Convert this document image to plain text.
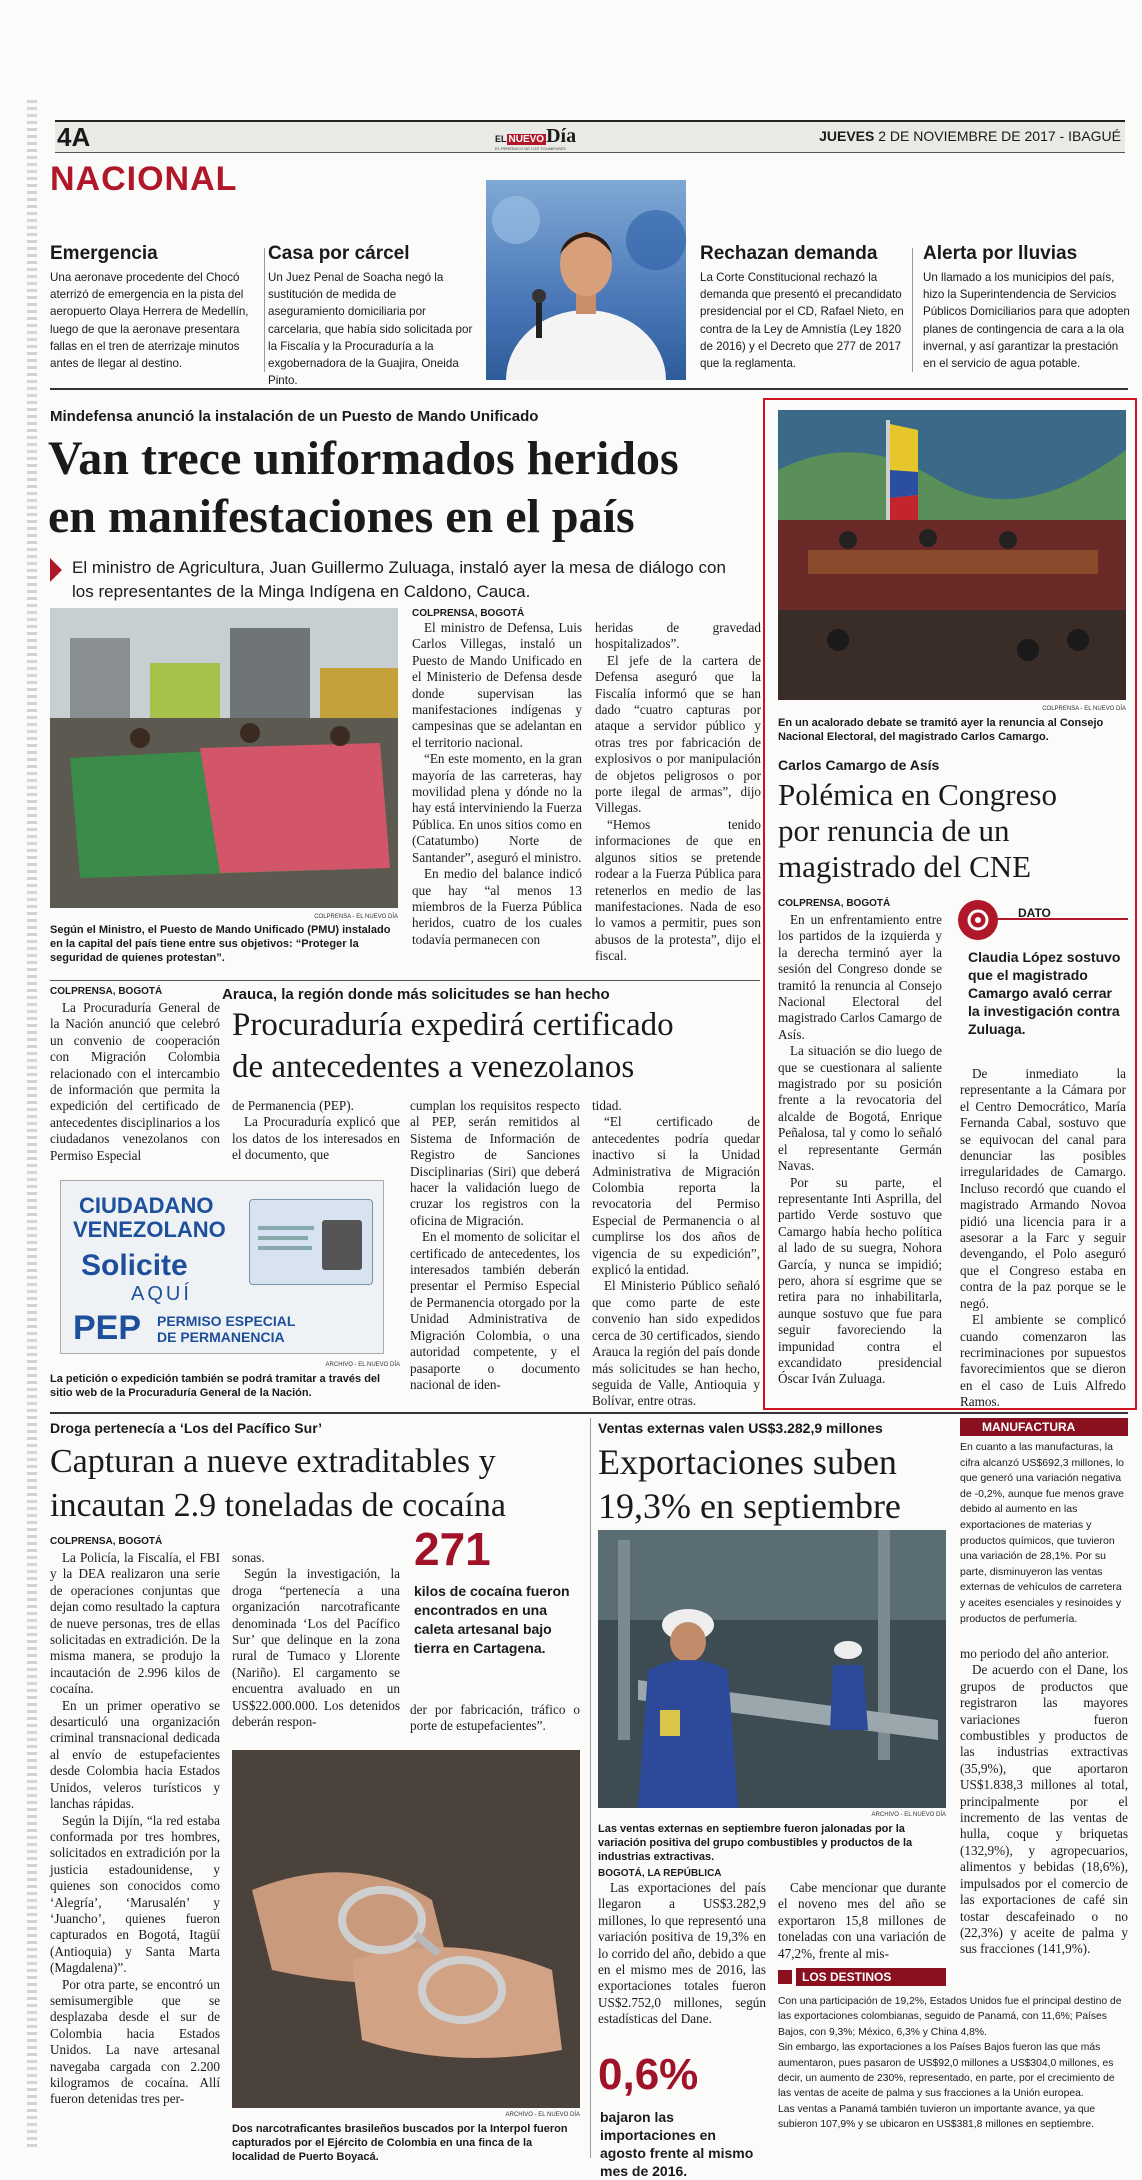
4A	EL NUEVO Día
EL PERIÓDICO DE LOS TOLIMENSES
JUEVES 2 DE NOVIEMBRE DE 2017 - IBAGUÉ
NACIONAL
Emergencia

Una aeronave procedente del Chocó aterrizó de emergencia en la pista del aeropuerto Olaya Herrera de Medellín, luego de que la aeronave presentara fallas en el tren de aterrizaje minutos antes de llegar al destino.

Casa por cárcel

Un Juez Penal de Soacha negó la sustitución de medida de aseguramiento domiciliaria por carcelaria, que había sido solicitada por la Fiscalía y la Procuraduría a la exgobernadora de la Guajira, Oneida Pinto.

Rechazan demanda

La Corte Constitucional rechazó la demanda que presentó el precandidato presidencial por el CD, Rafael Nieto, en contra de la Ley de Amnistía (Ley 1820 de 2016) y el Decreto que 277 de 2017 que la reglamenta.

Alerta por lluvias

Un llamado a los municipios del país, hizo la Superintendencia de Servicios Públicos Domiciliarios para que adopten planes de contingencia de cara a la ola invernal, y así garantizar la prestación en el servicio de agua potable.

Mindefensa anunció la instalación de un Puesto de Mando Unificado
Van trece uniformados heridos
en manifestaciones en el país
El ministro de Agricultura, Juan Guillermo Zuluaga, instaló ayer la mesa de diálogo con los representantes de la Minga Indígena en Caldono, Cauca.
COLPRENSA - EL NUEVO DÍA
Según el Ministro, el Puesto de Mando Unificado (PMU) instalado en la capital del país tiene entre sus objetivos: “Proteger la seguridad de quienes protestan”.
COLPRENSA, BOGOTÁ

El ministro de Defensa, Luis Carlos Villegas, instaló un Puesto de Mando Unificado en el Ministerio de Defensa desde donde supervisan las manifestaciones indígenas y campesinas que se adelantan en el territorio nacional.

“En este momento, en la gran mayoría de las carreteras, hay movilidad plena y dónde no la hay está interviniendo la Fuerza Pública. En unos sitios como en (Catatumbo) Norte de Santander”, aseguró el ministro.

En medio del balance indicó que hay “al menos 13 miembros de la Fuerza Pública heridos, cuatro de los cuales todavía permanecen con

heridas de gravedad hospitalizados”.

El jefe de la cartera de Defensa aseguró que la Fiscalía informó que se han dado “cuatro capturas por ataque a servidor público y otras tres por fabricación de explosivos o por manipulación de objetos peligrosos o por porte ilegal de armas”, dijo Villegas.

“Hemos tenido informaciones de que en algunos sitios se pretende rodear a la Fuerza Pública para retenerlos en medio de las manifestaciones. Nada de eso lo vamos a permitir, pues son abusos de la protesta”, dijo el fiscal.

COLPRENSA - EL NUEVO DÍA
En un acalorado debate se tramitó ayer la renuncia al Consejo Nacional Electoral, del magistrado Carlos Camargo.
Carlos Camargo de Asís
Polémica en Congreso
por renuncia de un
magistrado del CNE
COLPRENSA, BOGOTÁ

En un enfrentamiento entre los partidos de la izquierda y la derecha terminó ayer la sesión del Congreso donde se tramitó la renuncia al Consejo Nacional Electoral del magistrado Carlos Camargo de Asís.

La situación se dio luego de que se cuestionara al saliente magistrado por su posición frente a la revocatoria del alcalde de Bogotá, Enrique Peñalosa, tal y como lo señaló el representante Germán Navas.

Por su parte, el representante Inti Asprilla, del partido Verde sostuvo que Camargo había hecho política al lado de su suegra, Nohora García, y nunca se impidió; pero, ahora sí esgrime que se retira para no inhabilitarla, aunque sostuvo que fue para seguir favoreciendo la impunidad contra el excandidato presidencial Óscar Iván Zuluaga.

DATO
Claudia López sostuvo que el magistrado Camargo avaló cerrar la investigación contra Zuluaga.

De inmediato la representante a la Cámara por el Centro Democrático, María Fernanda Cabal, sostuvo que se equivocan del canal para denunciar las posibles irregularidades de Camargo. Incluso recordó que cuando el magistrado Armando Novoa pidió una licencia para ir a asesorar a la Farc y seguir devengando, el Polo aseguró que el Congreso estaba en contra de la paz porque se le negó.

El ambiente se complicó cuando comenzaron las recriminaciones por supuestos favorecimientos que se dieron en el caso de Luis Alfredo Ramos.

COLPRENSA, BOGOTÁ

La Procuraduría General de la Nación anunció que celebró un convenio de cooperación con Migración Colombia relacionado con el intercambio de información que permita la expedición del certificado de antecedentes disciplinarios a los ciudadanos venezolanos con Permiso Especial

Arauca, la región donde más solicitudes se han hecho
Procuraduría expedirá certificado
de antecedentes a venezolanos

de Permanencia (PEP).

La Procuraduría explicó que los datos de los interesados en el documento, que

cumplan los requisitos respecto al PEP, serán remitidos al Sistema de Información de Registro de Sanciones Disciplinarias (Siri) que deberá hacer la validación luego de cruzar los registros con la oficina de Migración.

En el momento de solicitar el certificado de antecedentes, los interesados también deberán presentar el Permiso Especial de Permanencia otorgado por la Unidad Administrativa de Migración Colombia, o una autoridad competente, y el pasaporte o documento nacional de iden-

tidad.

“El certificado de antecedentes podría quedar inactivo si la Unidad Administrativa de Migración Colombia reporta la revocatoria del Permiso Especial de Permanencia o al cumplirse los dos años de vigencia de su expedición”, explicó la entidad.

El Ministerio Público señaló que como parte de este convenio han sido expedidos cerca de 30 certificados, siendo Arauca la región del país donde más solicitudes se han hecho, seguida de Valle, Antioquia y Bolívar, entre otras.

CIUDADANO
VENEZOLANO
Solicite
AQUÍ
PEP PERMISO ESPECIAL
DE PERMANENCIA
ARCHIVO - EL NUEVO DÍA
La petición o expedición también se podrá tramitar a través del sitio web de la Procuraduría General de la Nación.
Droga pertenecía a ‘Los del Pacífico Sur’
Capturan a nueve extraditables y
incautan 2.9 toneladas de cocaína
COLPRENSA, BOGOTÁ

La Policía, la Fiscalía, el FBI y la DEA realizaron una serie de operaciones conjuntas que dejan como resultado la captura de nueve personas, tres de ellas solicitadas en extradición. De la misma manera, se produjo la incautación de 2.996 kilos de cocaína.

En un primer operativo se desarticuló una organización criminal transnacional dedicada al envío de estupefacientes desde Colombia hacia Estados Unidos, veleros turísticos y lanchas rápidas.

Según la Dijín, “la red estaba conformada por tres hombres, solicitados en extradición por la justicia estadounidense, y quienes son conocidos como ‘Alegría’, ‘Marusalén’ y ‘Juancho’, quienes fueron capturados en Bogotá, Itagüí (Antioquia) y Santa Marta (Magdalena)”.

Por otra parte, se encontró un semisumergible que se desplazaba desde el sur de Colombia hacia Estados Unidos. La nave artesanal navegaba cargada con 2.200 kilogramos de cocaína. Allí fueron detenidas tres per-

sonas.

Según la investigación, la droga “pertenecía a una organización narcotraficante denominada ‘Los del Pacífico Sur’ que delinque en la zona rural de Tumaco y Llorente (Nariño). El cargamento se encuentra avaluado en un US$22.000.000. Los detenidos deberán respon-

der por fabricación, tráfico o porte de estupefacientes”.

271
kilos de cocaína fueron encontrados en una caleta artesanal bajo tierra en Cartagena.
ARCHIVO - EL NUEVO DÍA
Dos narcotraficantes brasileños buscados por la Interpol fueron capturados por el Ejército de Colombia en una finca de la localidad de Puerto Boyacá.
Ventas externas valen US$3.282,9 millones
Exportaciones suben
19,3% en septiembre
ARCHIVO - EL NUEVO DÍA
Las ventas externas en septiembre fueron jalonadas por la variación positiva del grupo combustibles y productos de la industrias extractivas.
BOGOTÁ, LA REPÚBLICA

Las exportaciones del país llegaron a US$3.282,9 millones, lo que representó una variación positiva de 19,3% en lo corrido del año, debido a que en el mismo mes de 2016, las exportaciones totales fueron US$2.752,0 millones, según estadísticas del Dane.

Cabe mencionar que durante el noveno mes del año se exportaron 15,8 millones de toneladas con una variación de 47,2%, frente al mis-

0,6%
bajaron las importaciones en agosto frente al mismo mes de 2016.
MANUFACTURA
En cuanto a las manufacturas, la cifra alcanzó US$692,3 millones, lo que generó una variación negativa de -0,2%, aunque fue menos grave debido al aumento en las exportaciones de materias y productos químicos, que tuvieron una variación de 28,1%. Por su parte, disminuyeron las ventas externas de vehículos de carretera y aceites esenciales y resinoides y productos de perfumería.

mo periodo del año anterior.

De acuerdo con el Dane, los grupos de productos que registraron las mayores variaciones fueron combustibles y productos de las industrias extractivas (35,9%), que aportaron US$1.838,3 millones al total, principalmente por el incremento de las ventas de hulla, coque y briquetas (132,9%), y agropecuarios, alimentos y bebidas (18,6%), impulsados por el comercio de las exportaciones de café sin tostar descafeinado o no (22,3%) y aceite de palma y sus fracciones (141,9%).

LOS DESTINOS
Con una participación de 19,2%, Estados Unidos fue el principal destino de las exportaciones colombianas, seguido de Panamá, con 11,6%; Países Bajos, con 9,3%; México, 6,3% y China 4,8%.
Sin embargo, las exportaciones a los Países Bajos fueron las que más aumentaron, pues pasaron de US$92,0 millones a US$304,0 millones, es decir, un aumento de 230%, representado, en parte, por el crecimiento de las ventas de aceite de palma y sus fracciones a la Unión europea.
Las ventas a Panamá también tuvieron un importante avance, ya que subieron 107,9% y se ubicaron en US$381,8 millones en septiembre.
